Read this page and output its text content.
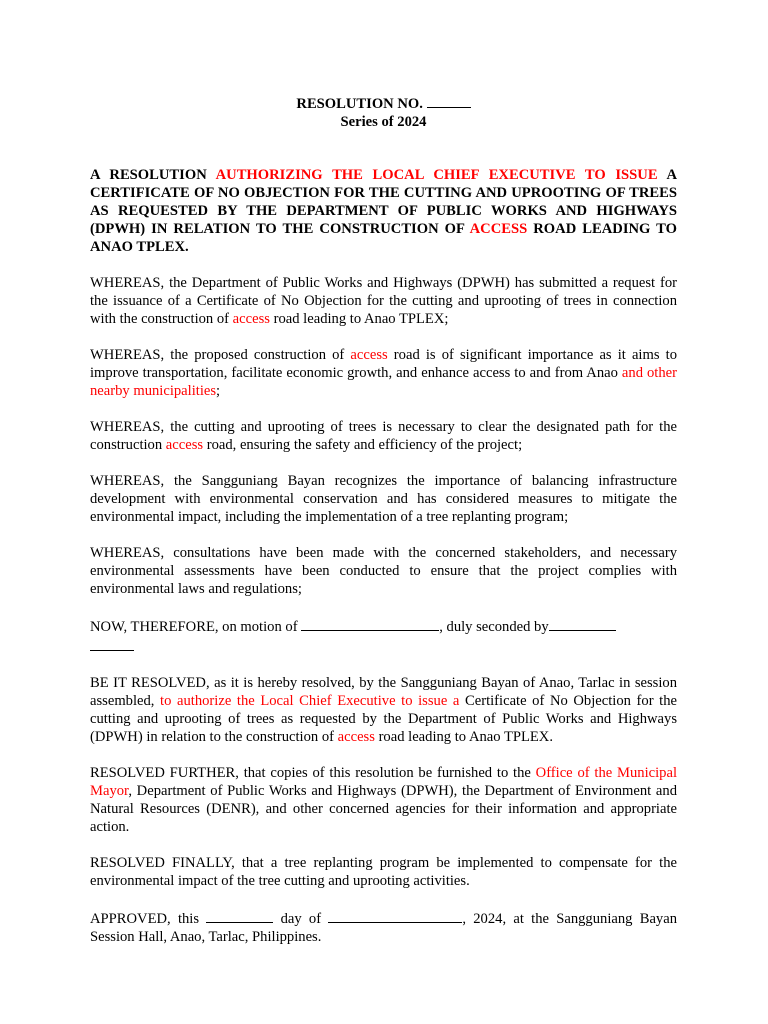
RESOLUTION NO.
Series of 2024

A RESOLUTION AUTHORIZING THE LOCAL CHIEF EXECUTIVE TO ISSUE A CERTIFICATE OF NO OBJECTION FOR THE CUTTING AND UPROOTING OF TREES AS REQUESTED BY THE DEPARTMENT OF PUBLIC WORKS AND HIGHWAYS (DPWH) IN RELATION TO THE CONSTRUCTION OF ACCESS ROAD LEADING TO ANAO TPLEX.

WHEREAS, the Department of Public Works and Highways (DPWH) has submitted a request for the issuance of a Certificate of No Objection for the cutting and uprooting of trees in connection with the construction of access road leading to Anao TPLEX;

WHEREAS, the proposed construction of access road is of significant importance as it aims to improve transportation, facilitate economic growth, and enhance access to and from Anao and other nearby municipalities;

WHEREAS, the cutting and uprooting of trees is necessary to clear the designated path for the construction access road, ensuring the safety and efficiency of the project;

WHEREAS, the Sangguniang Bayan recognizes the importance of balancing infrastructure development with environmental conservation and has considered measures to mitigate the environmental impact, including the implementation of a tree replanting program;

WHEREAS, consultations have been made with the concerned stakeholders, and necessary environmental assessments have been conducted to ensure that the project complies with environmental laws and regulations;

NOW, THEREFORE, on motion of	, duly seconded by

BE IT RESOLVED, as it is hereby resolved, by the Sangguniang Bayan of Anao, Tarlac in session assembled, to authorize the Local Chief Executive to issue a Certificate of No Objection for the cutting and uprooting of trees as requested by the Department of Public Works and Highways (DPWH) in relation to the construction of access road leading to Anao TPLEX.

RESOLVED FURTHER, that copies of this resolution be furnished to the Office of the Municipal Mayor, Department of Public Works and Highways (DPWH), the Department of Environment and Natural Resources (DENR), and other concerned agencies for their information and appropriate action.

RESOLVED FINALLY, that a tree replanting program be implemented to compensate for the environmental impact of the tree cutting and uprooting activities.

APPROVED, this	day of	, 2024, at the Sangguniang Bayan Session Hall, Anao, Tarlac, Philippines.
